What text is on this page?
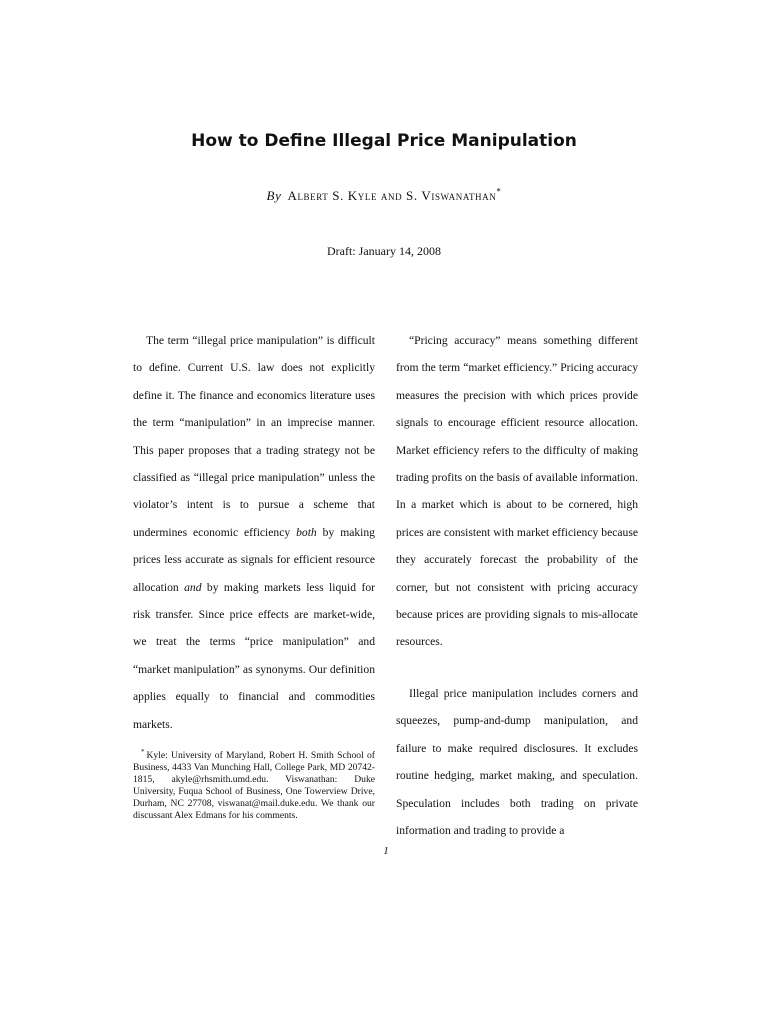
How to Define Illegal Price Manipulation
By Albert S. Kyle and S. Viswanathan*
Draft: January 14, 2008

The term “illegal price manipulation” is difficult to define. Current U.S. law does not explicitly define it. The finance and economics literature uses the term “manipulation” in an imprecise manner. This paper proposes that a trading strategy not be classified as “illegal price manipulation” unless the violator’s intent is to pursue a scheme that undermines economic efficiency both by making prices less accurate as signals for efficient resource allocation and by making markets less liquid for risk transfer. Since price effects are market-wide, we treat the terms “price manipulation” and “market manipulation” as synonyms. Our definition applies equally to financial and commodities markets.

“Pricing accuracy” means something different from the term “market efficiency.” Pricing accuracy measures the precision with which prices provide signals to encourage efficient resource allocation. Market efficiency refers to the difficulty of making trading profits on the basis of available information. In a market which is about to be cornered, high prices are consistent with market efficiency because they accurately forecast the probability of the corner, but not consistent with pricing accuracy because prices are providing signals to mis-allocate resources.

Illegal price manipulation includes corners and squeezes, pump-and-dump manipulation, and failure to make required disclosures. It excludes routine hedging, market making, and speculation. Speculation includes both trading on private information and trading to provide a

* Kyle: University of Maryland, Robert H. Smith School of Business, 4433 Van Munching Hall, College Park, MD 20742-1815, akyle@rhsmith.umd.edu. Viswanathan: Duke University, Fuqua School of Business, One Towerview Drive, Durham, NC 27708, viswanat@mail.duke.edu. We thank our discussant Alex Edmans for his comments.

1
